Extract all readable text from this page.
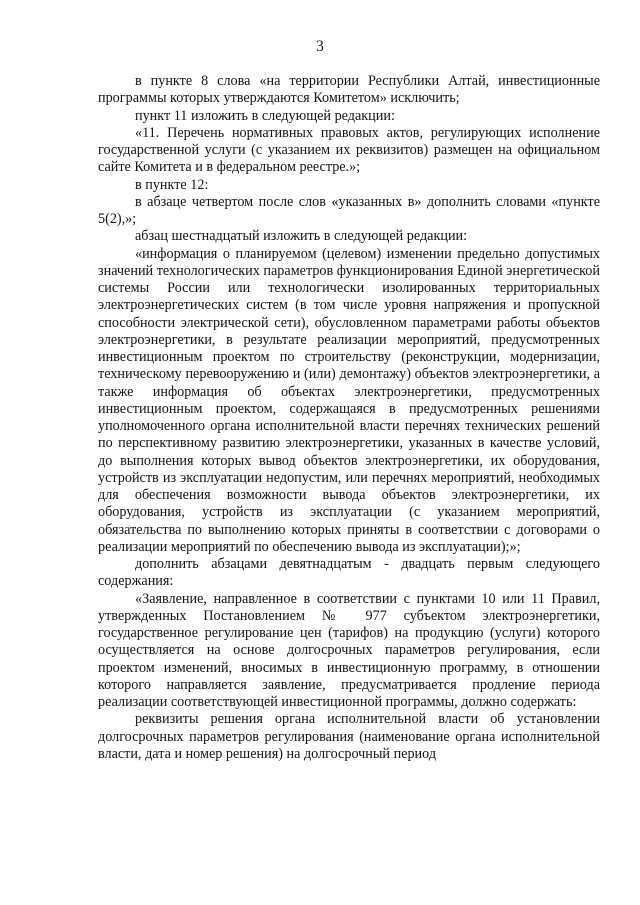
3

в пункте 8 слова «на территории Республики Алтай, инвестиционные программы которых утверждаются Комитетом» исключить;

пункт 11 изложить в следующей редакции:

«11. Перечень нормативных правовых актов, регулирующих исполнение государственной услуги (с указанием их реквизитов) размещен на официальном сайте Комитета и в федеральном реестре.»;

в пункте 12:

в абзаце четвертом после слов «указанных в» дополнить словами «пункте 5(2),»;

абзац шестнадцатый изложить в следующей редакции:

«информация о планируемом (целевом) изменении предельно допустимых значений технологических параметров функционирования Единой энергетической системы России или технологически изолированных территориальных электроэнергетических систем (в том числе уровня напряжения и пропускной способности электрической сети), обусловленном параметрами работы объектов электроэнергетики, в результате реализации мероприятий, предусмотренных инвестиционным проектом по строительству (реконструкции, модернизации, техническому перевооружению и (или) демонтажу) объектов электроэнергетики, а также информация об объектах электроэнергетики, предусмотренных инвестиционным проектом, содержащаяся в предусмотренных решениями уполномоченного органа исполнительной власти перечнях технических решений по перспективному развитию электроэнергетики, указанных в качестве условий, до выполнения которых вывод объектов электроэнергетики, их оборудования, устройств из эксплуатации недопустим, или перечнях мероприятий, необходимых для обеспечения возможности вывода объектов электроэнергетики, их оборудования, устройств из эксплуатации (с указанием мероприятий, обязательства по выполнению которых приняты в соответствии с договорами о реализации мероприятий по обеспечению вывода из эксплуатации);»;

дополнить абзацами девятнадцатым - двадцать первым следующего содержания:

«Заявление, направленное в соответствии с пунктами 10 или 11 Правил, утвержденных Постановлением № 977 субъектом электроэнергетики, государственное регулирование цен (тарифов) на продукцию (услуги) которого осуществляется на основе долгосрочных параметров регулирования, если проектом изменений, вносимых в инвестиционную программу, в отношении которого направляется заявление, предусматривается продление периода реализации соответствующей инвестиционной программы, должно содержать:

реквизиты решения органа исполнительной власти об установлении долгосрочных параметров регулирования (наименование органа исполнительной власти, дата и номер решения) на долгосрочный период
